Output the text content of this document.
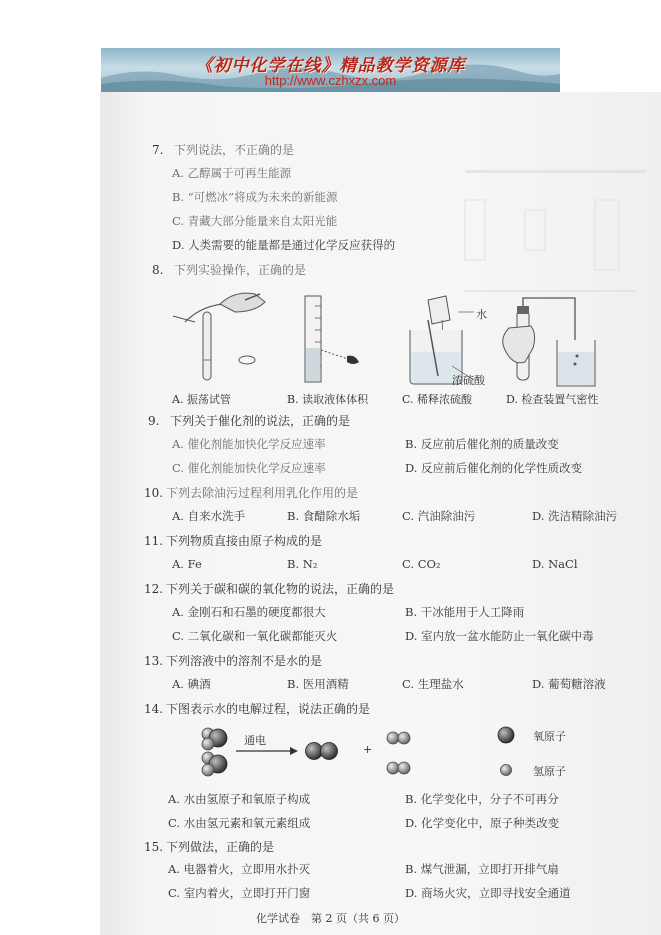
《初中化学在线》精品教学资源库
http://www.czhxzx.com
7. 下列说法，不正确的是
A. 乙醇属于可再生能源
B. “可燃冰”将成为未来的新能源
C. 青藏大部分能量来自太阳光能
D. 人类需要的能量都是通过化学反应获得的
8. 下列实验操作，正确的是
水
浓硫酸
A. 振荡试管	B. 读取液体体积	C. 稀释浓硫酸	D. 检查装置气密性
9. 下列关于催化剂的说法，正确的是
A. 催化剂能加快化学反应速率	B. 反应前后催化剂的质量改变
C. 催化剂能加快化学反应速率	D. 反应前后催化剂的化学性质改变
10. 下列去除油污过程利用乳化作用的是
A. 自来水洗手	B. 食醋除水垢	C. 汽油除油污	D. 洗洁精除油污
11. 下列物质直接由原子构成的是
A. Fe	B. N₂	C. CO₂	D. NaCl
12. 下列关于碳和碳的氧化物的说法，正确的是
A. 金刚石和石墨的硬度都很大	B. 干冰能用于人工降雨
C. 二氧化碳和一氧化碳都能灭火	D. 室内放一盆水能防止一氧化碳中毒
13. 下列溶液中的溶剂不是水的是
A. 碘酒	B. 医用酒精	C. 生理盐水	D. 葡萄糖溶液
14. 下图表示水的电解过程，说法正确的是
通电
+
氧原子
氢原子
A. 水由氢原子和氧原子构成	B. 化学变化中，分子不可再分
C. 水由氢元素和氧元素组成	D. 化学变化中，原子种类改变
15. 下列做法，正确的是
A. 电器着火，立即用水扑灭	B. 煤气泄漏，立即打开排气扇
C. 室内着火，立即打开门窗	D. 商场火灾，立即寻找安全通道
化学试卷　第 2 页（共 6 页）
